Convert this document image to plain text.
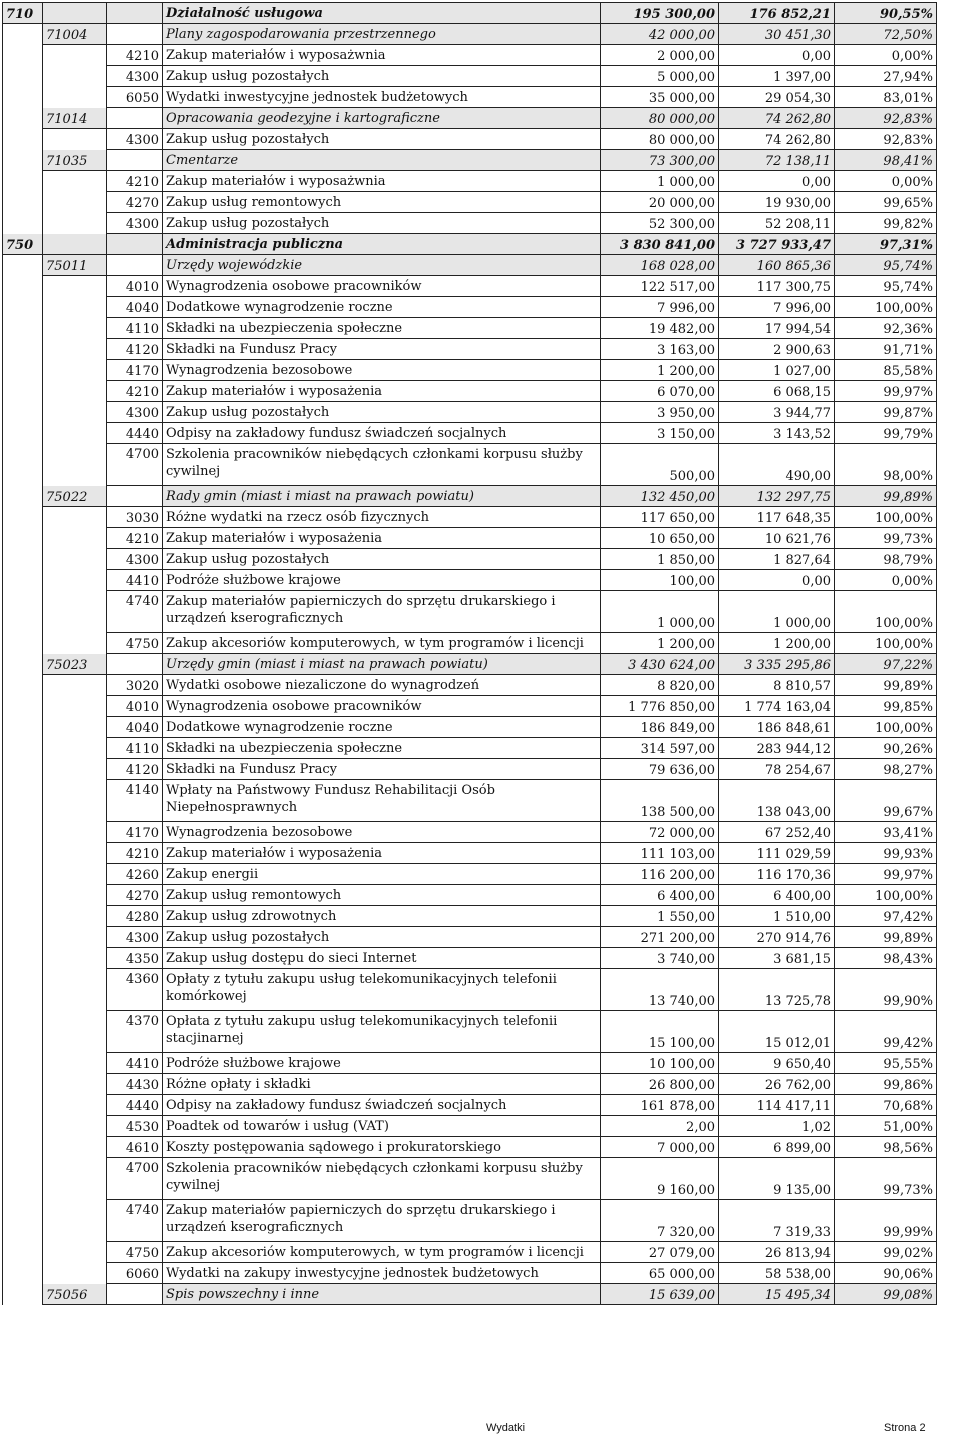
710			Działalność usługowa	195 300,00	176 852,21	90,55%
	71004		Plany zagospodarowania przestrzennego	42 000,00	30 451,30	72,50%
		4210	Zakup materiałów i wyposażwnia	2 000,00	0,00	0,00%
		4300	Zakup usług pozostałych	5 000,00	1 397,00	27,94%
		6050	Wydatki inwestycyjne jednostek budżetowych	35 000,00	29 054,30	83,01%
	71014		Opracowania geodezyjne i kartograficzne	80 000,00	74 262,80	92,83%
		4300	Zakup usług pozostałych	80 000,00	74 262,80	92,83%
	71035		Cmentarze	73 300,00	72 138,11	98,41%
		4210	Zakup materiałów i wyposażwnia	1 000,00	0,00	0,00%
		4270	Zakup usług remontowych	20 000,00	19 930,00	99,65%
		4300	Zakup usług pozostałych	52 300,00	52 208,11	99,82%
750			Administracja publiczna	3 830 841,00	3 727 933,47	97,31%
	75011		Urzędy wojewódzkie	168 028,00	160 865,36	95,74%
		4010	Wynagrodzenia osobowe pracowników	122 517,00	117 300,75	95,74%
		4040	Dodatkowe wynagrodzenie roczne	7 996,00	7 996,00	100,00%
		4110	Składki na ubezpieczenia społeczne	19 482,00	17 994,54	92,36%
		4120	Składki na Fundusz Pracy	3 163,00	2 900,63	91,71%
		4170	Wynagrodzenia bezosobowe	1 200,00	1 027,00	85,58%
		4210	Zakup materiałów i wyposażenia	6 070,00	6 068,15	99,97%
		4300	Zakup usług pozostałych	3 950,00	3 944,77	99,87%
		4440	Odpisy na zakładowy fundusz świadczeń socjalnych	3 150,00	3 143,52	99,79%
		4700	Szkolenia pracowników niebędących członkami korpusu służby cywilnej	500,00	490,00	98,00%
	75022		Rady gmin (miast i miast na prawach powiatu)	132 450,00	132 297,75	99,89%
		3030	Różne wydatki na rzecz osób fizycznych	117 650,00	117 648,35	100,00%
		4210	Zakup materiałów i wyposażenia	10 650,00	10 621,76	99,73%
		4300	Zakup usług pozostałych	1 850,00	1 827,64	98,79%
		4410	Podróże służbowe krajowe	100,00	0,00	0,00%
		4740	Zakup materiałów papierniczych do sprzętu drukarskiego i urządzeń kserograficznych	1 000,00	1 000,00	100,00%
		4750	Zakup akcesoriów komputerowych, w tym programów i licencji	1 200,00	1 200,00	100,00%
	75023		Urzędy gmin (miast i miast na prawach powiatu)	3 430 624,00	3 335 295,86	97,22%
		3020	Wydatki osobowe niezaliczone do wynagrodzeń	8 820,00	8 810,57	99,89%
		4010	Wynagrodzenia osobowe pracowników	1 776 850,00	1 774 163,04	99,85%
		4040	Dodatkowe wynagrodzenie roczne	186 849,00	186 848,61	100,00%
		4110	Składki na ubezpieczenia społeczne	314 597,00	283 944,12	90,26%
		4120	Składki na Fundusz Pracy	79 636,00	78 254,67	98,27%
		4140	Wpłaty na Państwowy Fundusz Rehabilitacji Osób Niepełnosprawnych	138 500,00	138 043,00	99,67%
		4170	Wynagrodzenia bezosobowe	72 000,00	67 252,40	93,41%
		4210	Zakup materiałów i wyposażenia	111 103,00	111 029,59	99,93%
		4260	Zakup energii	116 200,00	116 170,36	99,97%
		4270	Zakup usług remontowych	6 400,00	6 400,00	100,00%
		4280	Zakup usług zdrowotnych	1 550,00	1 510,00	97,42%
		4300	Zakup usług pozostałych	271 200,00	270 914,76	99,89%
		4350	Zakup usług dostępu do sieci Internet	3 740,00	3 681,15	98,43%
		4360	Opłaty z tytułu zakupu usług telekomunikacyjnych telefonii komórkowej	13 740,00	13 725,78	99,90%
		4370	Opłata z tytułu zakupu usług telekomunikacyjnych telefonii stacjinarnej	15 100,00	15 012,01	99,42%
		4410	Podróże służbowe krajowe	10 100,00	9 650,40	95,55%
		4430	Różne opłaty i składki	26 800,00	26 762,00	99,86%
		4440	Odpisy na zakładowy fundusz świadczeń socjalnych	161 878,00	114 417,11	70,68%
		4530	Poadtek od towarów i usług (VAT)	2,00	1,02	51,00%
		4610	Koszty postępowania sądowego i prokuratorskiego	7 000,00	6 899,00	98,56%
		4700	Szkolenia pracowników niebędących członkami korpusu służby cywilnej	9 160,00	9 135,00	99,73%
		4740	Zakup materiałów papierniczych do sprzętu drukarskiego i urządzeń kserograficznych	7 320,00	7 319,33	99,99%
		4750	Zakup akcesoriów komputerowych, w tym programów i licencji	27 079,00	26 813,94	99,02%
		6060	Wydatki na zakupy inwestycyjne jednostek budżetowych	65 000,00	58 538,00	90,06%
	75056		Spis powszechny i inne	15 639,00	15 495,34	99,08%
Wydatki	Strona 2
